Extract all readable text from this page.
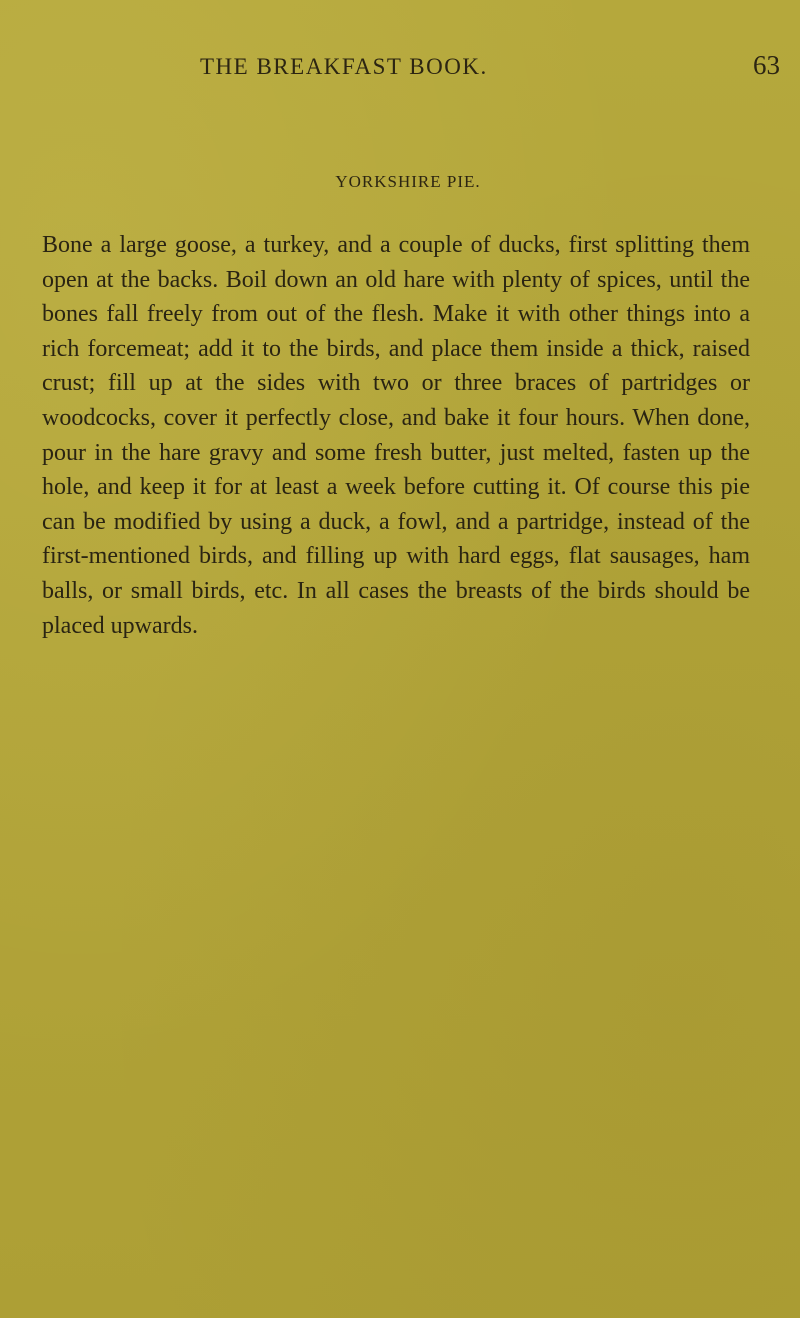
THE BREAKFAST BOOK.	63
YORKSHIRE PIE.

Bone a large goose, a turkey, and a couple of ducks, first splitting them open at the backs. Boil down an old hare with plenty of spices, until the bones fall freely from out of the flesh. Make it with other things into a rich forcemeat; add it to the birds, and place them inside a thick, raised crust; fill up at the sides with two or three braces of partridges or woodcocks, cover it perfectly close, and bake it four hours. When done, pour in the hare gravy and some fresh butter, just melted, fasten up the hole, and keep it for at least a week before cutting it. Of course this pie can be modified by using a duck, a fowl, and a partridge, instead of the first-mentioned birds, and filling up with hard eggs, flat sausages, ham balls, or small birds, etc. In all cases the breasts of the birds should be placed upwards.
